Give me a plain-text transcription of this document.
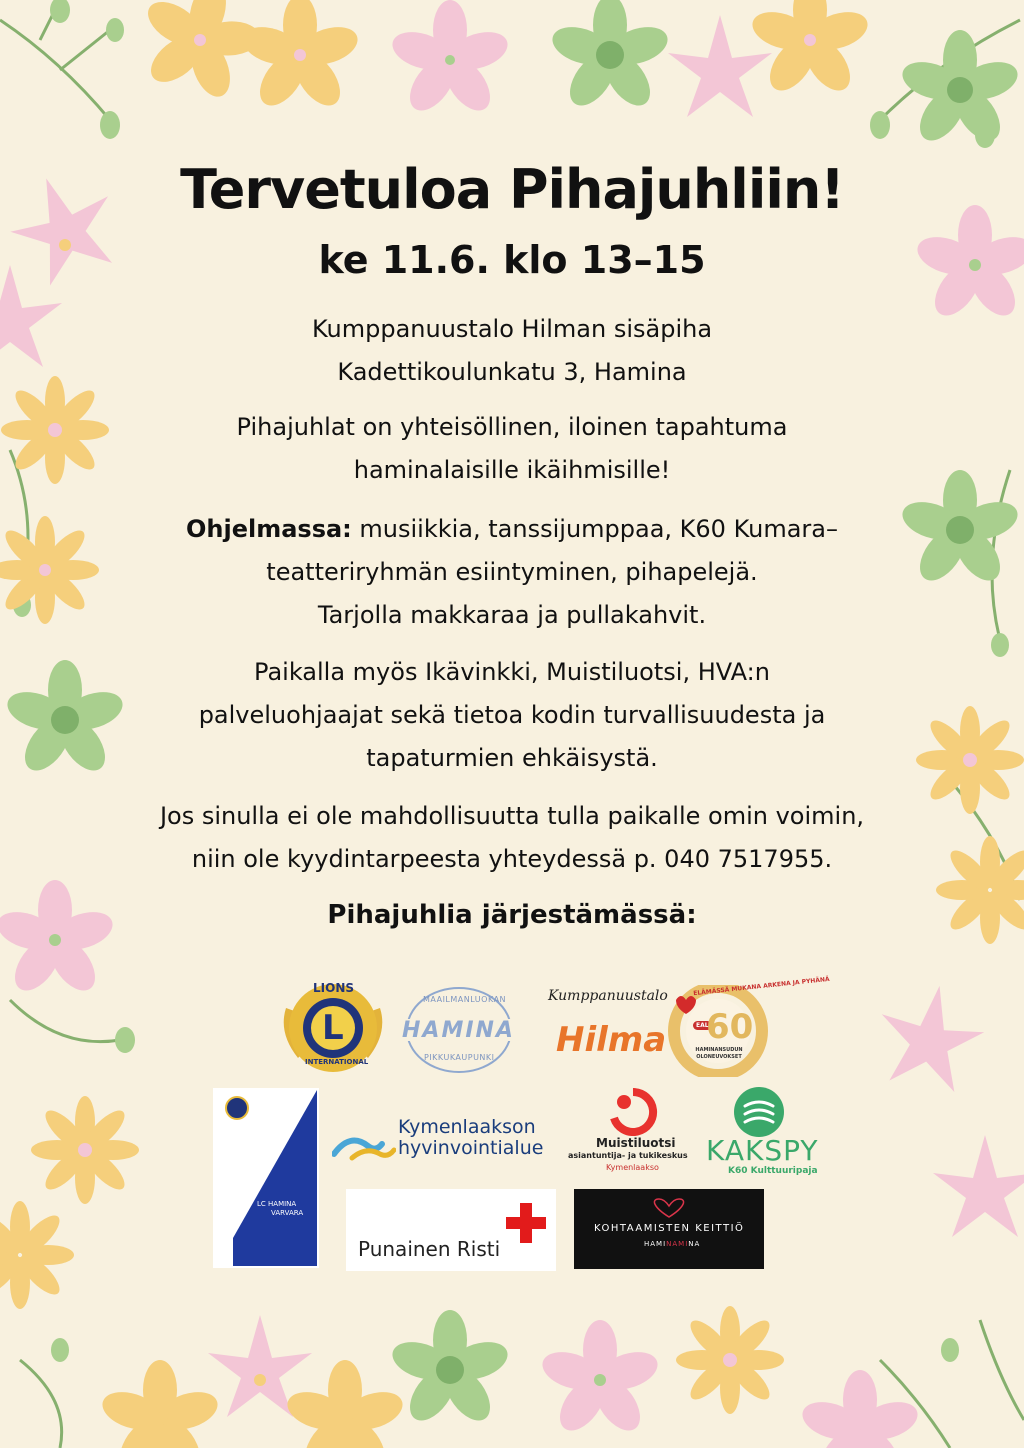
Tervetuloa Pihajuhliin!
ke 11.6. klo 13–15
Kumppanuustalo Hilman sisäpiha
Kadettikoulunkatu 3, Hamina
Pihajuhlat on yhteisöllinen, iloinen tapahtuma
haminalaisille ikäihmisille!
Ohjelmassa: musiikkia, tanssijumppaa, K60 Kumara–
teatteriryhmän esiintyminen, pihapelejä.
Tarjolla makkaraa ja pullakahvit.
Paikalla myös Ikävinkki, Muistiluotsi, HVA:n
palveluohjaajat sekä tietoa kodin turvallisuudesta ja
tapaturmien ehkäisystä.
Jos sinulla ei ole mahdollisuutta tulla paikalle omin voimin,
niin ole kyydintarpeesta yhteydessä p. 040 7517955.
Pihajuhlia järjestämässä:
L
LIONS
INTERNATIONAL
MAAILMANLUOKAN
HAMINA
PIKKUKAUPUNKI
Kumppanuustalo
Hilma
ELÄMÄSSÄ MUKANA ARKENA JA PYHÄNÄ
EAL
60
HAMINANSUDUN OLONEUVOKSET
LC HAMINA
VARVARA
Kymenlaakson
hyvinvointialue	Muistiluotsi
asiantuntija- ja tukikeskus
Kymenlaakso
KAKSPY
K60 Kulttuuripaja
Punainen Risti
KOHTAAMISTEN KEITTIÖ
HAMINAMINA
